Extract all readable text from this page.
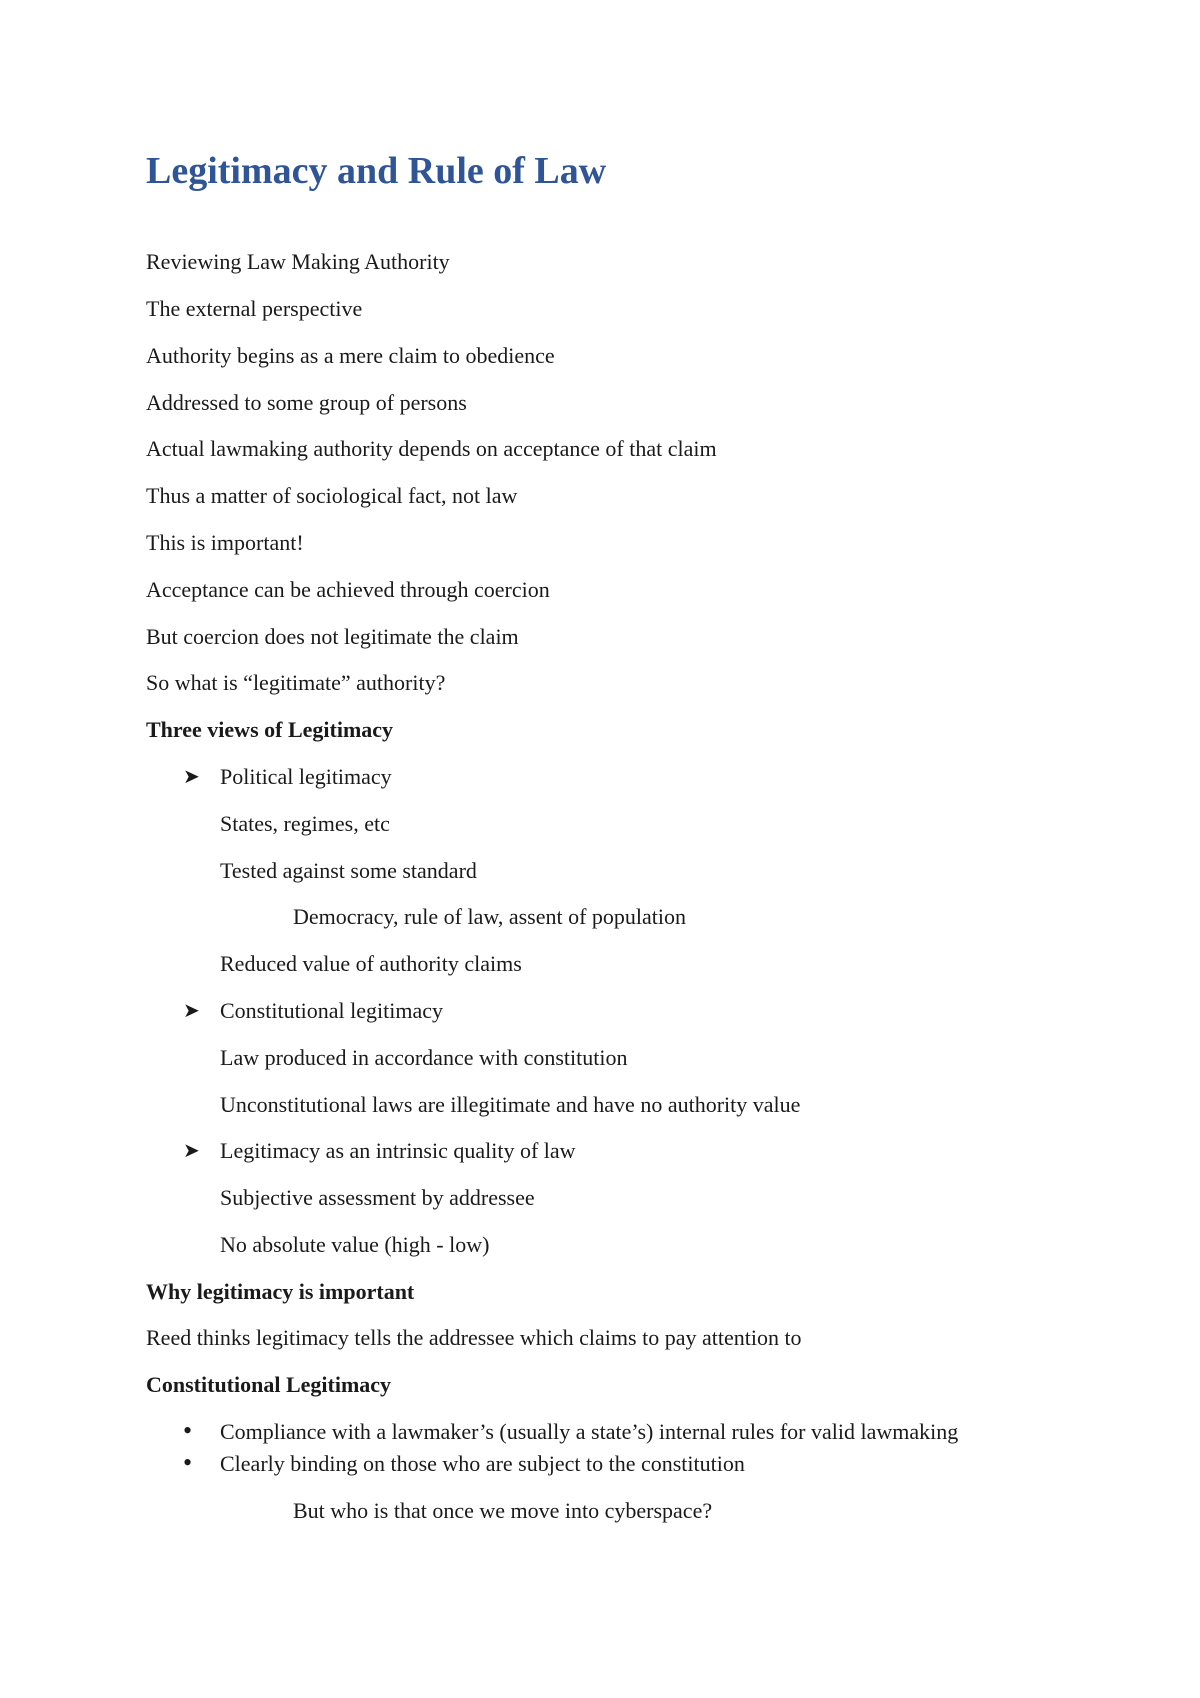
Legitimacy and Rule of Law

Reviewing Law Making Authority

The external perspective

Authority begins as a mere claim to obedience

Addressed to some group of persons

Actual lawmaking authority depends on acceptance of that claim

Thus a matter of sociological fact, not law

This is important!

Acceptance can be achieved through coercion

But coercion does not legitimate the claim

So what is “legitimate” authority?

Three views of Legitimacy

➤ Political legitimacy

States, regimes, etc

Tested against some standard

Democracy, rule of law, assent of population

Reduced value of authority claims

➤ Constitutional legitimacy

Law produced in accordance with constitution

Unconstitutional laws are illegitimate and have no authority value

➤ Legitimacy as an intrinsic quality of law

Subjective assessment by addressee

No absolute value (high - low)

Why legitimacy is important

Reed thinks legitimacy tells the addressee which claims to pay attention to

Constitutional Legitimacy

• Compliance with a lawmaker’s (usually a state’s) internal rules for valid lawmaking

• Clearly binding on those who are subject to the constitution

But who is that once we move into cyberspace?
